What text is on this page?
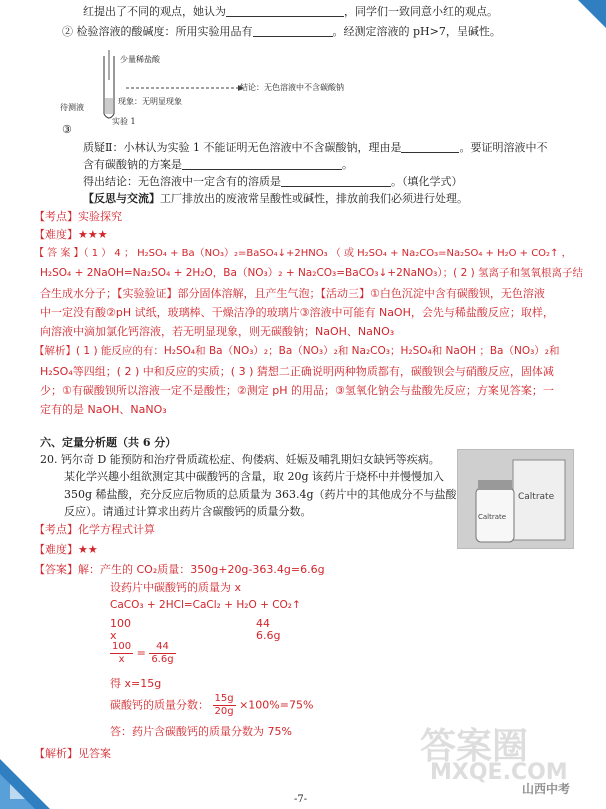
红提出了不同的观点，她认为	，同学们一致同意小红的观点。
② 检验溶液的酸碱度：所用实验用品有	。经测定溶液的 pH>7，呈碱性。
少量稀盐酸
现象：无明显现象
待测液
实验 1
结论：无色溶液中不含碳酸钠
③
质疑Ⅱ：小林认为实验 1 不能证明无色溶液中不含碳酸钠，理由是	。要证明溶液中不
含有碳酸钠的方案是	。
得出结论：无色溶液中一定含有的溶质是	。（填化学式）
【反思与交流】工厂排放出的废液常呈酸性或碱性，排放前我们必须进行处理。
【考点】实验探究
【难度】★★★
【 答 案 】（ 1 ） 4 ； H₂SO₄ + Ba（NO₃）₂=BaSO₄↓+2HNO₃ （ 或 H₂SO₄ + Na₂CO₃=Na₂SO₄ + H₂O + CO₂↑ ，
H₂SO₄ + 2NaOH=Na₂SO₄ + 2H₂O，Ba（NO₃）₂ + Na₂CO₃=BaCO₃↓+2NaNO₃）；( 2 ) 氢离子和氢氧根离子结
合生成水分子；【实验验证】部分固体溶解，且产生气泡；【活动三】①白色沉淀中含有碳酸钡，无色溶液
中一定没有酸②pH 试纸，玻璃棒、干燥洁净的玻璃片③溶液中可能有 NaOH，会先与稀盐酸反应；取样，
向溶液中滴加氯化钙溶液，若无明显现象，则无碳酸钠；NaOH、NaNO₃
【解析】( 1 ) 能反应的有：H₂SO₄和 Ba（NO₃）₂；Ba（NO₃）₂和 Na₂CO₃；H₂SO₄和 NaOH ；Ba（NO₃）₂和
H₂SO₄等四组；( 2 ) 中和反应的实质；( 3 ) 猜想二正确说明两种物质都有，碳酸钡会与硝酸反应，固体减
少；①有碳酸钡所以溶液一定不是酸性；②测定 pH 的用品；③氢氧化钠会与盐酸先反应；方案见答案；一
定有的是 NaOH、NaNO₃
六、定量分析题（共 6 分）
20. 钙尔奇 D 能预防和治疗骨质疏松症、佝偻病、妊娠及哺乳期妇女缺钙等疾病。
某化学兴趣小组欲测定其中碳酸钙的含量，取 20g 该药片于烧杯中并慢慢加入
350g 稀盐酸，充分反应后物质的总质量为 363.4g（药片中的其他成分不与盐酸
反应）。请通过计算求出药片含碳酸钙的质量分数。
Caltrate
Caltrate
【考点】化学方程式计算
【难度】★★
【答案】解：产生的 CO₂质量：350g+20g-363.4g=6.6g
设药片中碳酸钙的质量为 x
CaCO₃ + 2HCl=CaCl₂ + H₂O + CO₂↑
100	44
x	6.6g
$\frac{100}{x} = \frac{44}{6.6g}$
得 x=15g
碳酸钙的质量分数： $\frac{15g}{20g} \times 100\%=75\%$
答：药片含碳酸钙的质量分数为 75%
【解析】见答案	答案圈
MXQE.COM
山西中考
-7-
